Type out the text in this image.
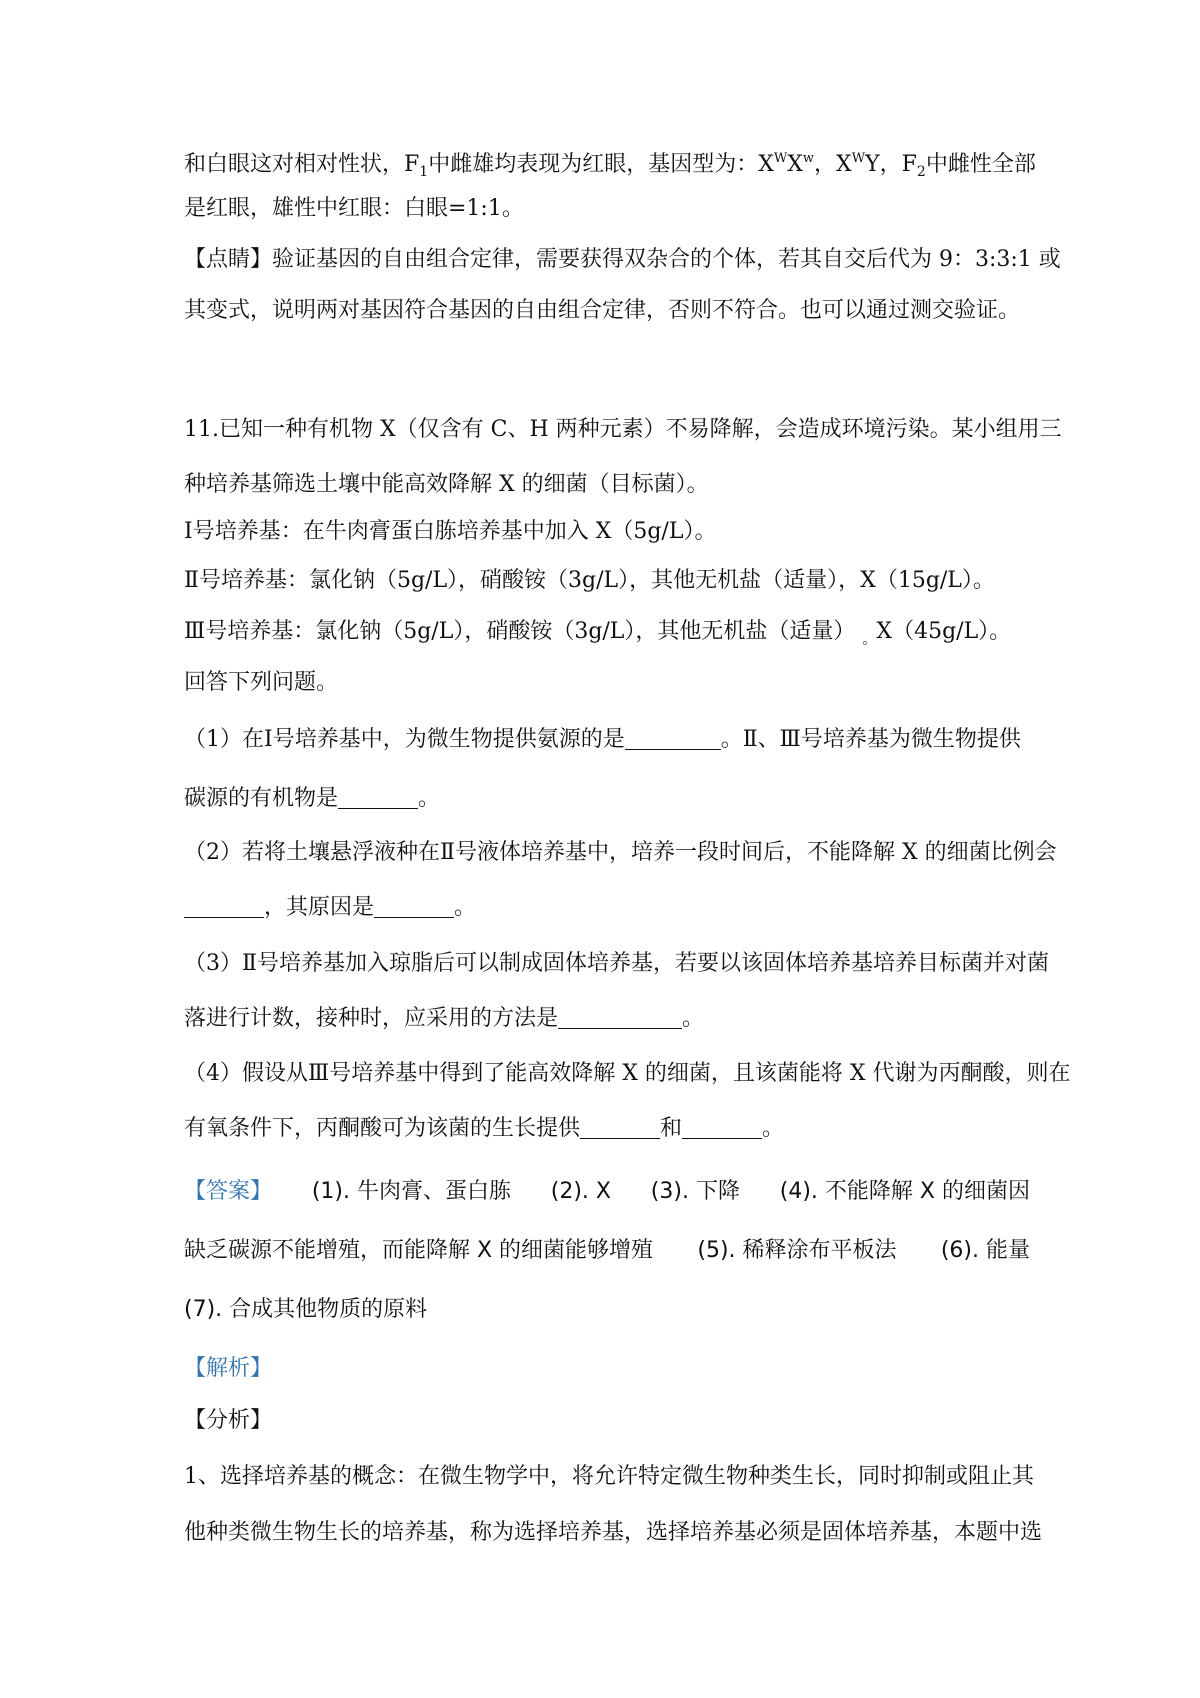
和白眼这对相对性状，$F_1$中雌雄均表现为红眼，基因型为：$X^WX^w$，$X^WY$，$F_2$中雌性全部
是红眼，雄性中红眼：白眼=1:1。
【点睛】验证基因的自由组合定律，需要获得双杂合的个体，若其自交后代为 9：3:3:1 或
其变式，说明两对基因符合基因的自由组合定律，否则不符合。也可以通过测交验证。
11.已知一种有机物 X（仅含有 C、H 两种元素）不易降解，会造成环境污染。某小组用三
种培养基筛选土壤中能高效降解 X 的细菌（目标菌）。
Ⅰ号培养基：在牛肉膏蛋白胨培养基中加入 X（5g/L）。
Ⅱ号培养基：氯化钠（5g/L），硝酸铵（3g/L），其他无机盐（适量），X（15g/L）。
Ⅲ号培养基：氯化钠（5g/L），硝酸铵（3g/L），其他无机盐（适量） $_。$X（45g/L）。
回答下列问题。
（1）在Ⅰ号培养基中，为微生物提供氨源的是	。Ⅱ、Ⅲ号培养基为微生物提供
碳源的有机物是	。
（2）若将土壤悬浮液种在Ⅱ号液体培养基中，培养一段时间后，不能降解 X 的细菌比例会
，其原因是	。
（3）Ⅱ号培养基加入琼脂后可以制成固体培养基，若要以该固体培养基培养目标菌并对菌
落进行计数，接种时，应采用的方法是	。
（4）假设从Ⅲ号培养基中得到了能高效降解 X 的细菌，且该菌能将 X 代谢为丙酮酸，则在
有氧条件下，丙酮酸可为该菌的生长提供	和	。
【答案】 (1). 牛肉膏、蛋白胨 (2). X (3). 下降 (4). 不能降解 X 的细菌因
缺乏碳源不能增殖，而能降解 X 的细菌能够增殖 (5). 稀释涂布平板法 (6). 能量
(7). 合成其他物质的原料
【解析】
【分析】
1、选择培养基的概念：在微生物学中，将允许特定微生物种类生长，同时抑制或阻止其
他种类微生物生长的培养基，称为选择培养基，选择培养基必须是固体培养基，本题中选
